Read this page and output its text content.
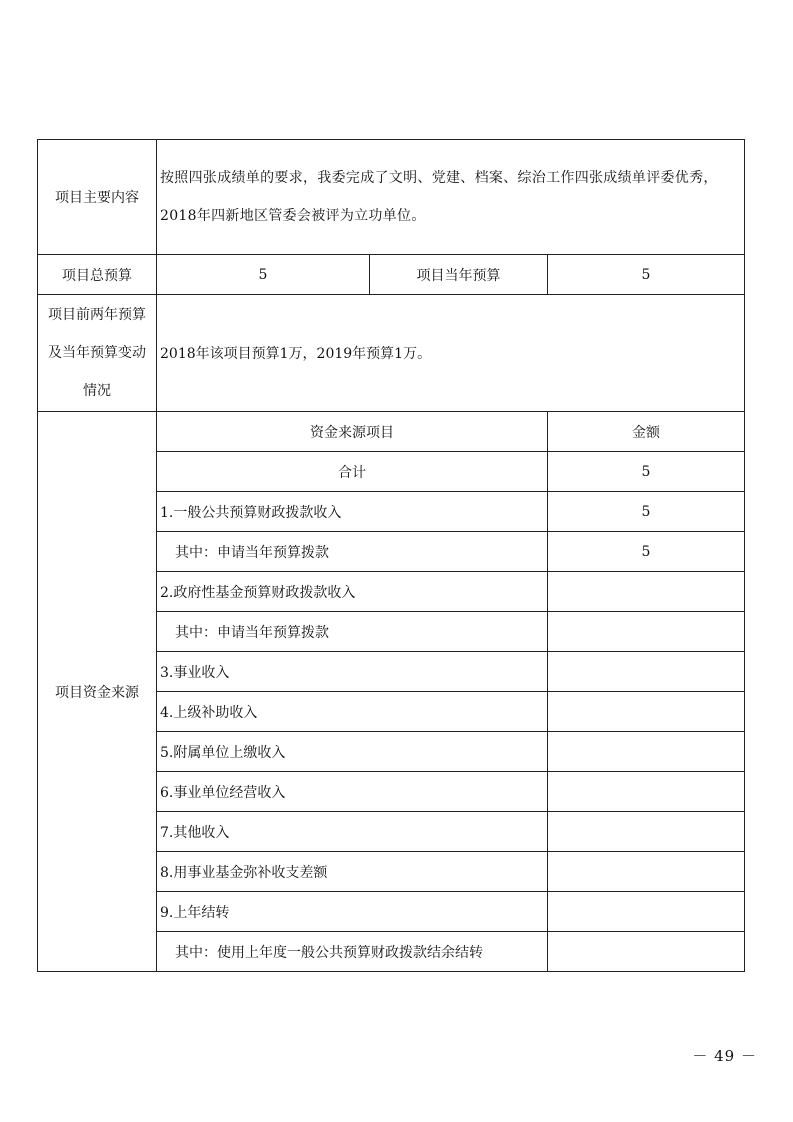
项目主要内容	按照四张成绩单的要求，我委完成了文明、党建、档案、综治工作四张成绩单评委优秀，2018年四新地区管委会被评为立功单位。		
项目总预算	5	项目当年预算	5

项目前两年预算
及当年预算变动
情况	2018年该项目预算1万，2019年预算1万。		
项目资金来源	资金来源项目		金额
	合计		5
	1.一般公共预算财政拨款收入		5
	其中：申请当年预算拨款		5
	2.政府性基金预算财政拨款收入		
	其中：申请当年预算拨款		
	3.事业收入		
	4.上级补助收入		
	5.附属单位上缴收入		
	6.事业单位经营收入		
	7.其他收入		
	8.用事业基金弥补收支差额		
	9.上年结转		
	其中：使用上年度一般公共预算财政拨款结余结转		
－ 49 －
